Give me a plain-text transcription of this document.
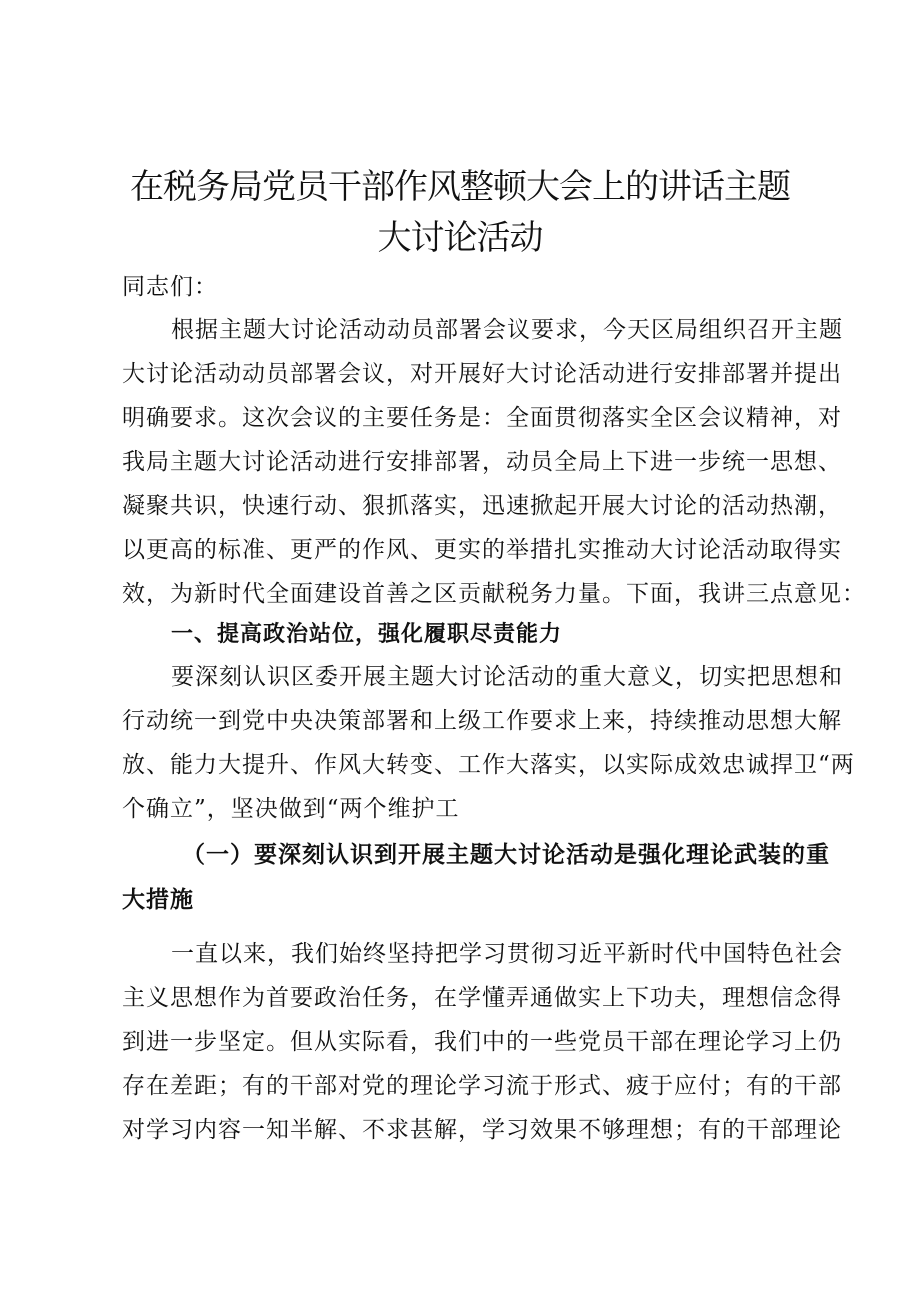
在税务局党员干部作风整顿大会上的讲话主题
大讨论活动
同志们：
根据主题大讨论活动动员部署会议要求，今天区局组织召开主题
大讨论活动动员部署会议，对开展好大讨论活动进行安排部署并提出
明确要求。这次会议的主要任务是：全面贯彻落实全区会议精神，对
我局主题大讨论活动进行安排部署，动员全局上下进一步统一思想、
凝聚共识，快速行动、狠抓落实，迅速掀起开展大讨论的活动热潮，
以更高的标准、更严的作风、更实的举措扎实推动大讨论活动取得实
效，为新时代全面建设首善之区贡献税务力量。下面，我讲三点意见：
一、提高政治站位，强化履职尽责能力
要深刻认识区委开展主题大讨论活动的重大意义，切实把思想和
行动统一到党中央决策部署和上级工作要求上来，持续推动思想大解
放、能力大提升、作风大转变、工作大落实，以实际成效忠诚捍卫“两
个确立”，坚决做到“两个维护工
（一）要深刻认识到开展主题大讨论活动是强化理论武装的重
大措施
一直以来，我们始终坚持把学习贯彻习近平新时代中国特色社会
主义思想作为首要政治任务，在学懂弄通做实上下功夫，理想信念得
到进一步坚定。但从实际看，我们中的一些党员干部在理论学习上仍
存在差距；有的干部对党的理论学习流于形式、疲于应付；有的干部
对学习内容一知半解、不求甚解，学习效果不够理想；有的干部理论
